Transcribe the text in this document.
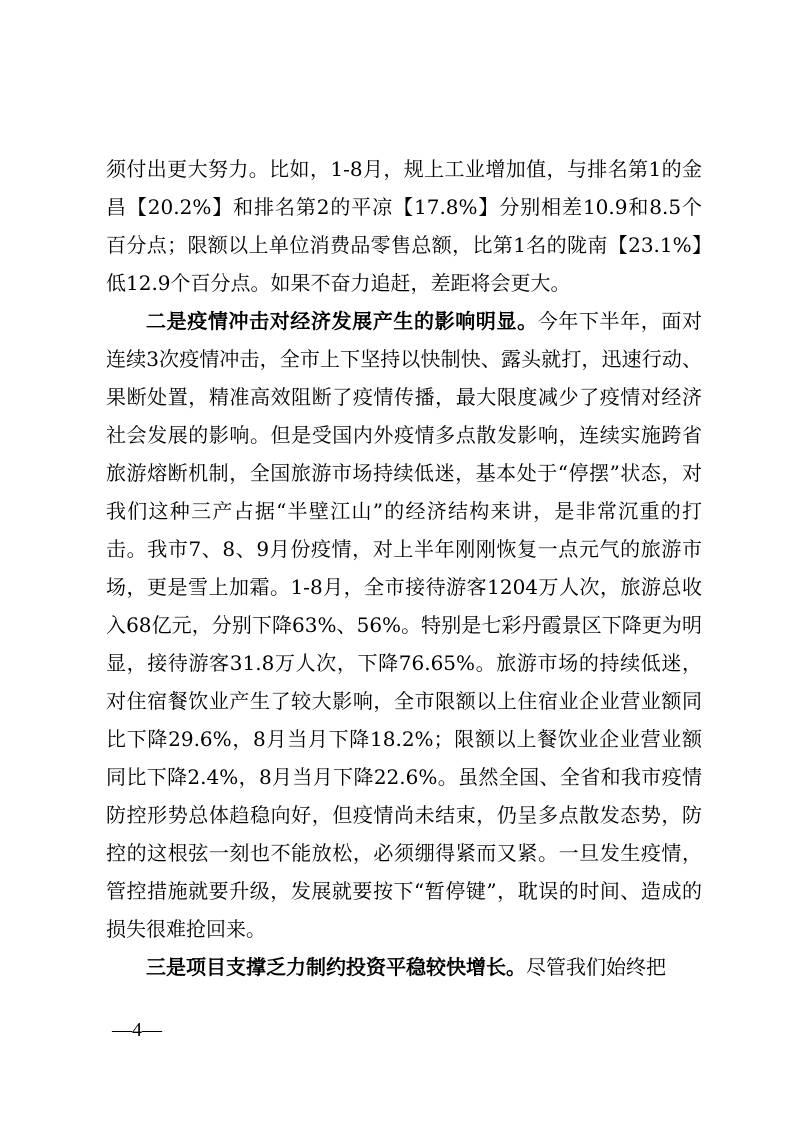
须付出更大努力。比如，1-8月，规上工业增加值，与排名第1的金昌【20.2%】和排名第2的平凉【17.8%】分别相差10.9和8.5个百分点；限额以上单位消费品零售总额，比第1名的陇南【23.1%】低12.9个百分点。如果不奋力追赶，差距将会更大。

二是疫情冲击对经济发展产生的影响明显。今年下半年，面对连续3次疫情冲击，全市上下坚持以快制快、露头就打，迅速行动、果断处置，精准高效阻断了疫情传播，最大限度减少了疫情对经济社会发展的影响。但是受国内外疫情多点散发影响，连续实施跨省旅游熔断机制，全国旅游市场持续低迷，基本处于“停摆”状态，对我们这种三产占据“半壁江山”的经济结构来讲，是非常沉重的打击。我市7、8、9月份疫情，对上半年刚刚恢复一点元气的旅游市场，更是雪上加霜。1-8月，全市接待游客1204万人次，旅游总收入68亿元，分别下降63%、56%。特别是七彩丹霞景区下降更为明显，接待游客31.8万人次，下降76.65%。旅游市场的持续低迷，对住宿餐饮业产生了较大影响，全市限额以上住宿业企业营业额同比下降29.6%，8月当月下降18.2%；限额以上餐饮业企业营业额同比下降2.4%，8月当月下降22.6%。虽然全国、全省和我市疫情防控形势总体趋稳向好，但疫情尚未结束，仍呈多点散发态势，防控的这根弦一刻也不能放松，必须绷得紧而又紧。一旦发生疫情，管控措施就要升级，发展就要按下“暂停键”，耽误的时间、造成的损失很难抢回来。

三是项目支撑乏力制约投资平稳较快增长。尽管我们始终把

—4—
